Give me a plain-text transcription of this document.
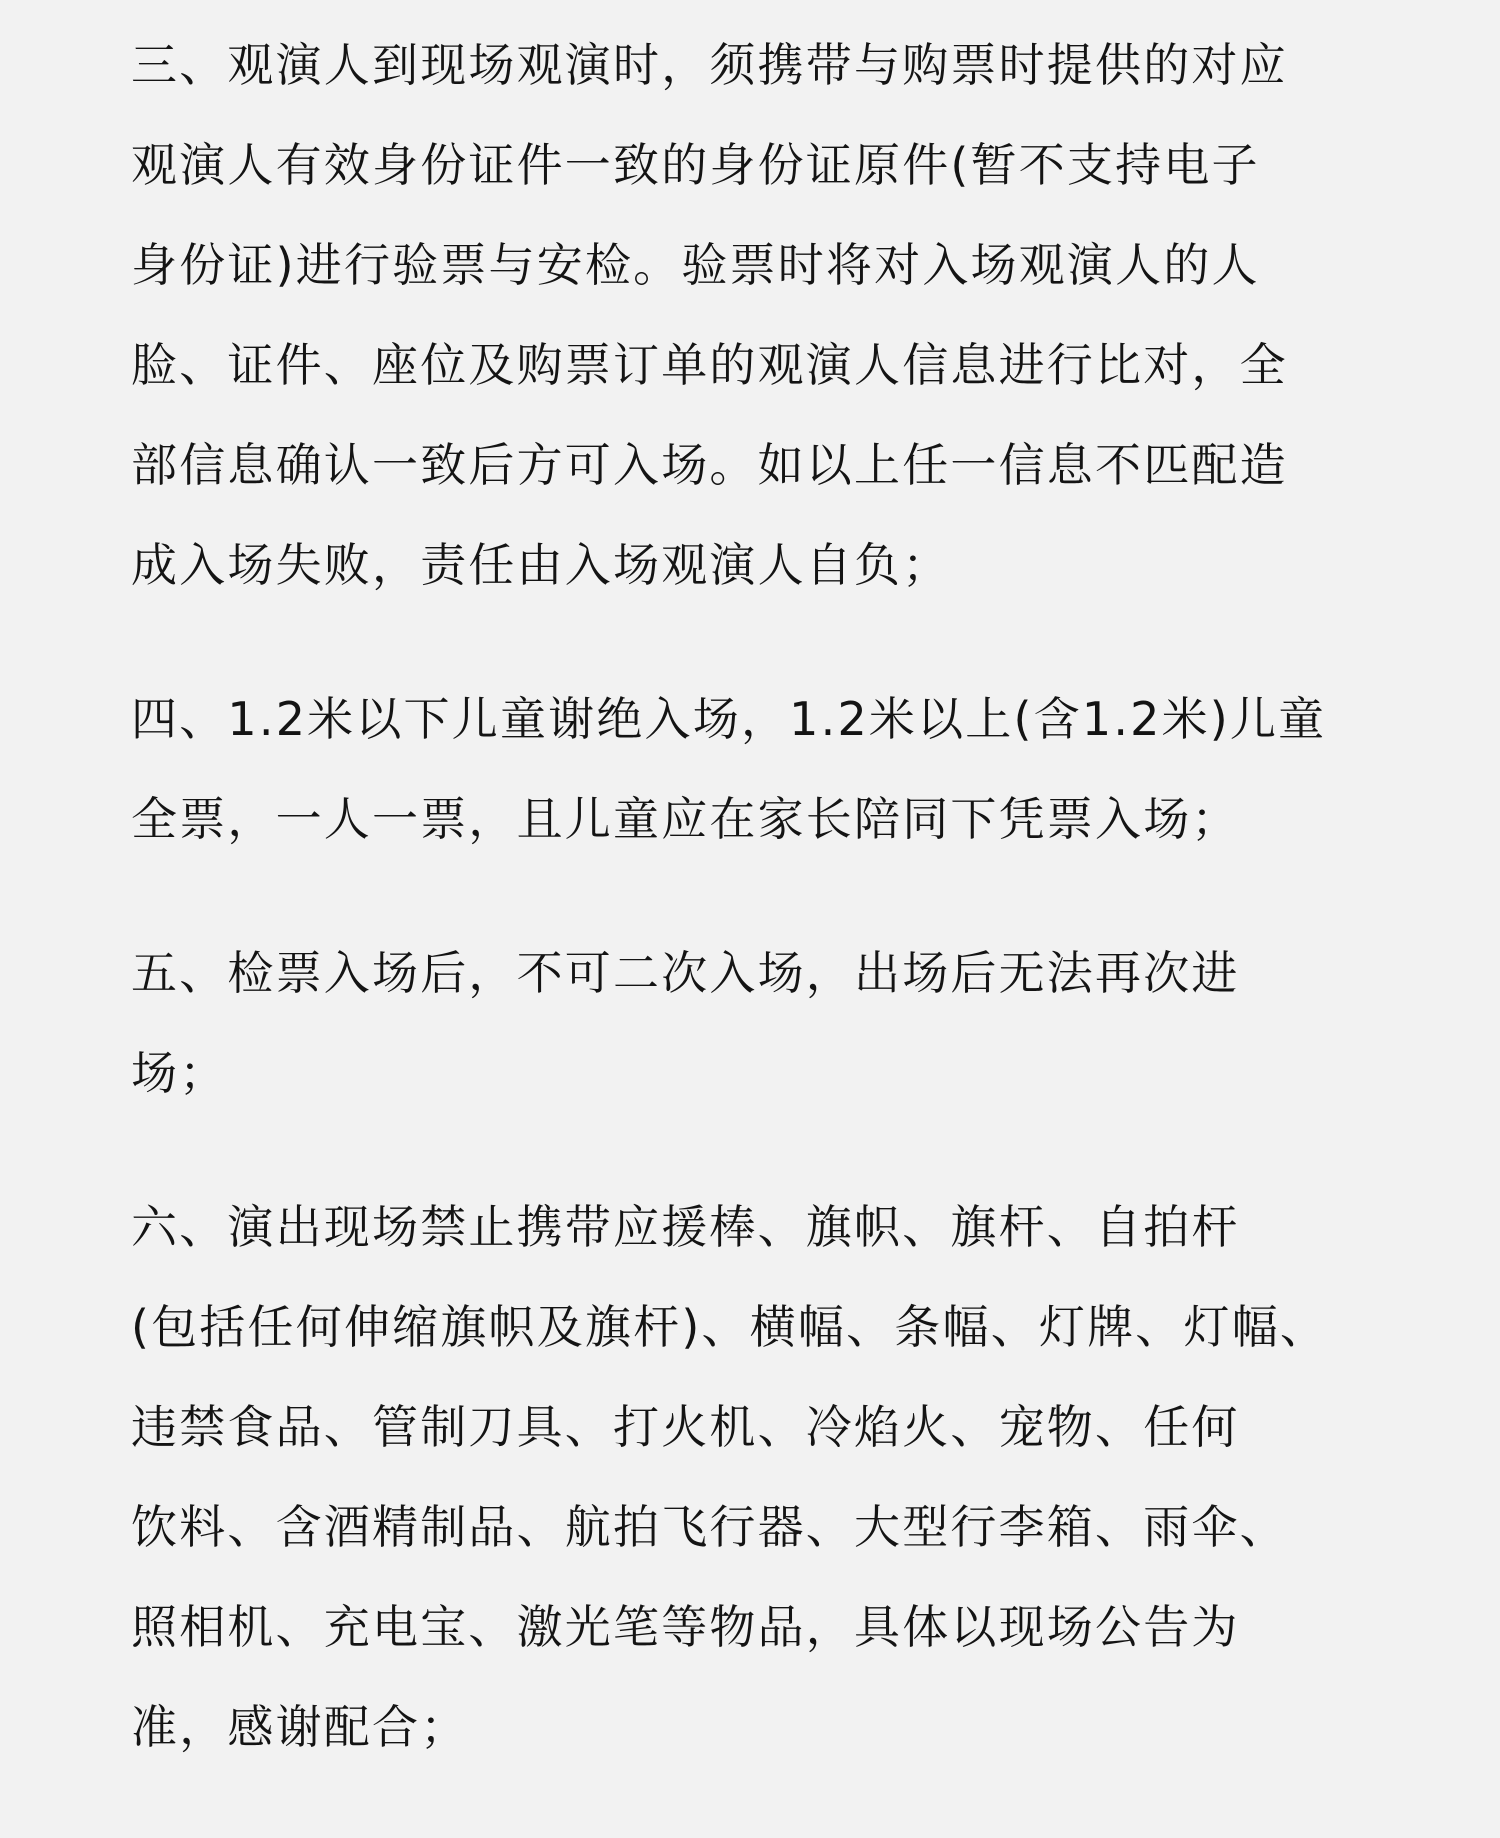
三、观演人到现场观演时，须携带与购票时提供的对应

观演人有效身份证件一致的身份证原件(暂不支持电子

身份证)进行验票与安检。验票时将对入场观演人的人

脸、证件、座位及购票订单的观演人信息进行比对，全

部信息确认一致后方可入场。如以上任一信息不匹配造

成入场失败，责任由入场观演人自负；

四、1.2米以下儿童谢绝入场，1.2米以上(含1.2米)儿童

全票，一人一票，且儿童应在家长陪同下凭票入场；

五、检票入场后，不可二次入场，出场后无法再次进

场；

六、演出现场禁止携带应援棒、旗帜、旗杆、自拍杆

(包括任何伸缩旗帜及旗杆)、横幅、条幅、灯牌、灯幅、

违禁食品、管制刀具、打火机、冷焰火、宠物、任何

饮料、含酒精制品、航拍飞行器、大型行李箱、雨伞、

照相机、充电宝、激光笔等物品，具体以现场公告为

准，感谢配合；
